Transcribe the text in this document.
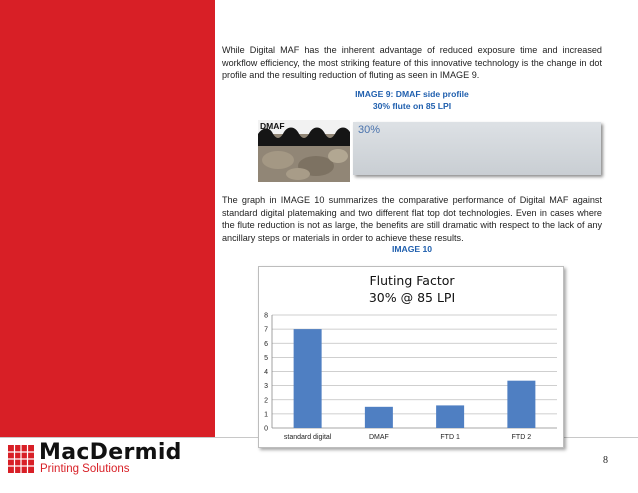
MacDermid
Printing Solutions
8

While Digital MAF has the inherent advantage of reduced exposure time and increased workflow efficiency, the most striking feature of this innovative technology is the change in dot profile and the resulting reduction of fluting as seen in IMAGE 9.

IMAGE 9: DMAF side profile
30% flute on 85 LPI
DMAF	30%

The graph in IMAGE 10 summarizes the comparative performance of Digital MAF against standard digital platemaking and two different flat top dot technologies. Even in cases where the flute reduction is not as large, the benefits are still dramatic with respect to the lack of any ancillary steps or materials in order to achieve these results.

IMAGE 10
Fluting Factor
30% @ 85 LPI
0
1
2
3
4
5
6
7
8
standard digital	DMAF	FTD 1	FTD 2
